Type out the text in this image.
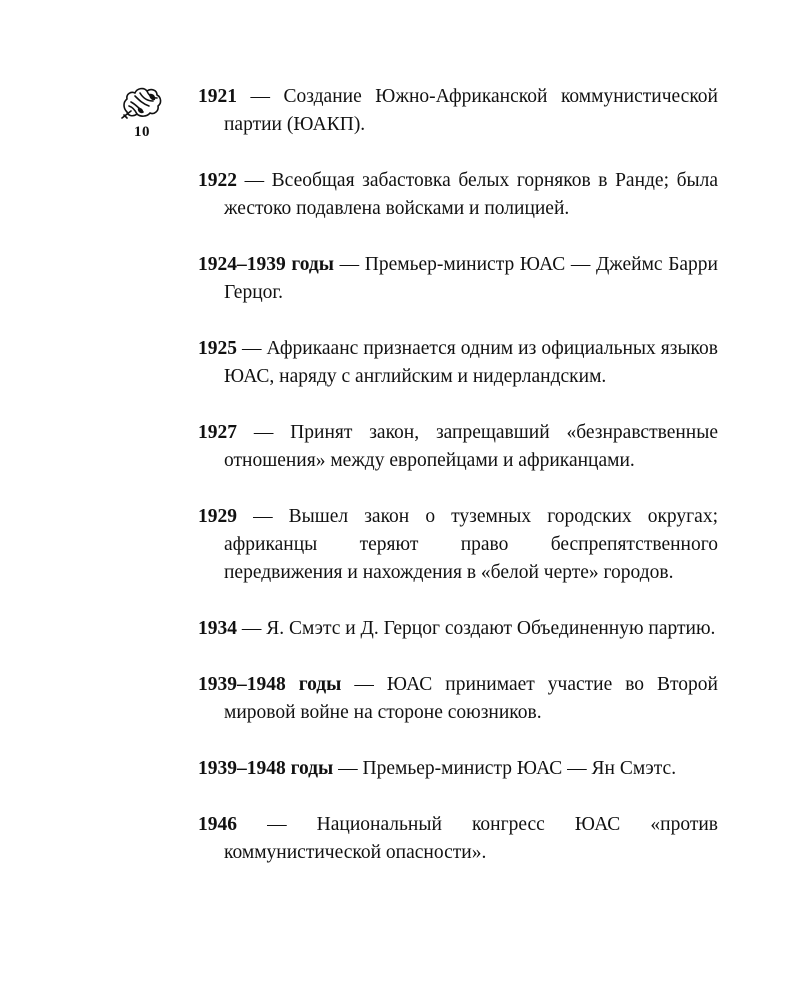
10
1921 — Создание Южно-Африканской коммунистической партии (ЮАКП).
1922 — Всеобщая забастовка белых горняков в Ранде; была жестоко подавлена войсками и полицией.
1924–1939 годы — Премьер-министр ЮАС — Джеймс Барри Герцог.
1925 — Африкаанс признается одним из официальных языков ЮАС, наряду с английским и нидерландским.
1927 — Принят закон, запрещавший «безнравственные отношения» между европейцами и африканцами.
1929 — Вышел закон о туземных городских округах; африканцы теряют право беспрепятственного передвижения и нахождения в «белой черте» городов.
1934 — Я. Смэтс и Д. Герцог создают Объединенную партию.
1939–1948 годы — ЮАС принимает участие во Второй мировой войне на стороне союзников.
1939–1948 годы — Премьер-министр ЮАС — Ян Смэтс.
1946 — Национальный конгресс ЮАС «против коммунистической опасности».
